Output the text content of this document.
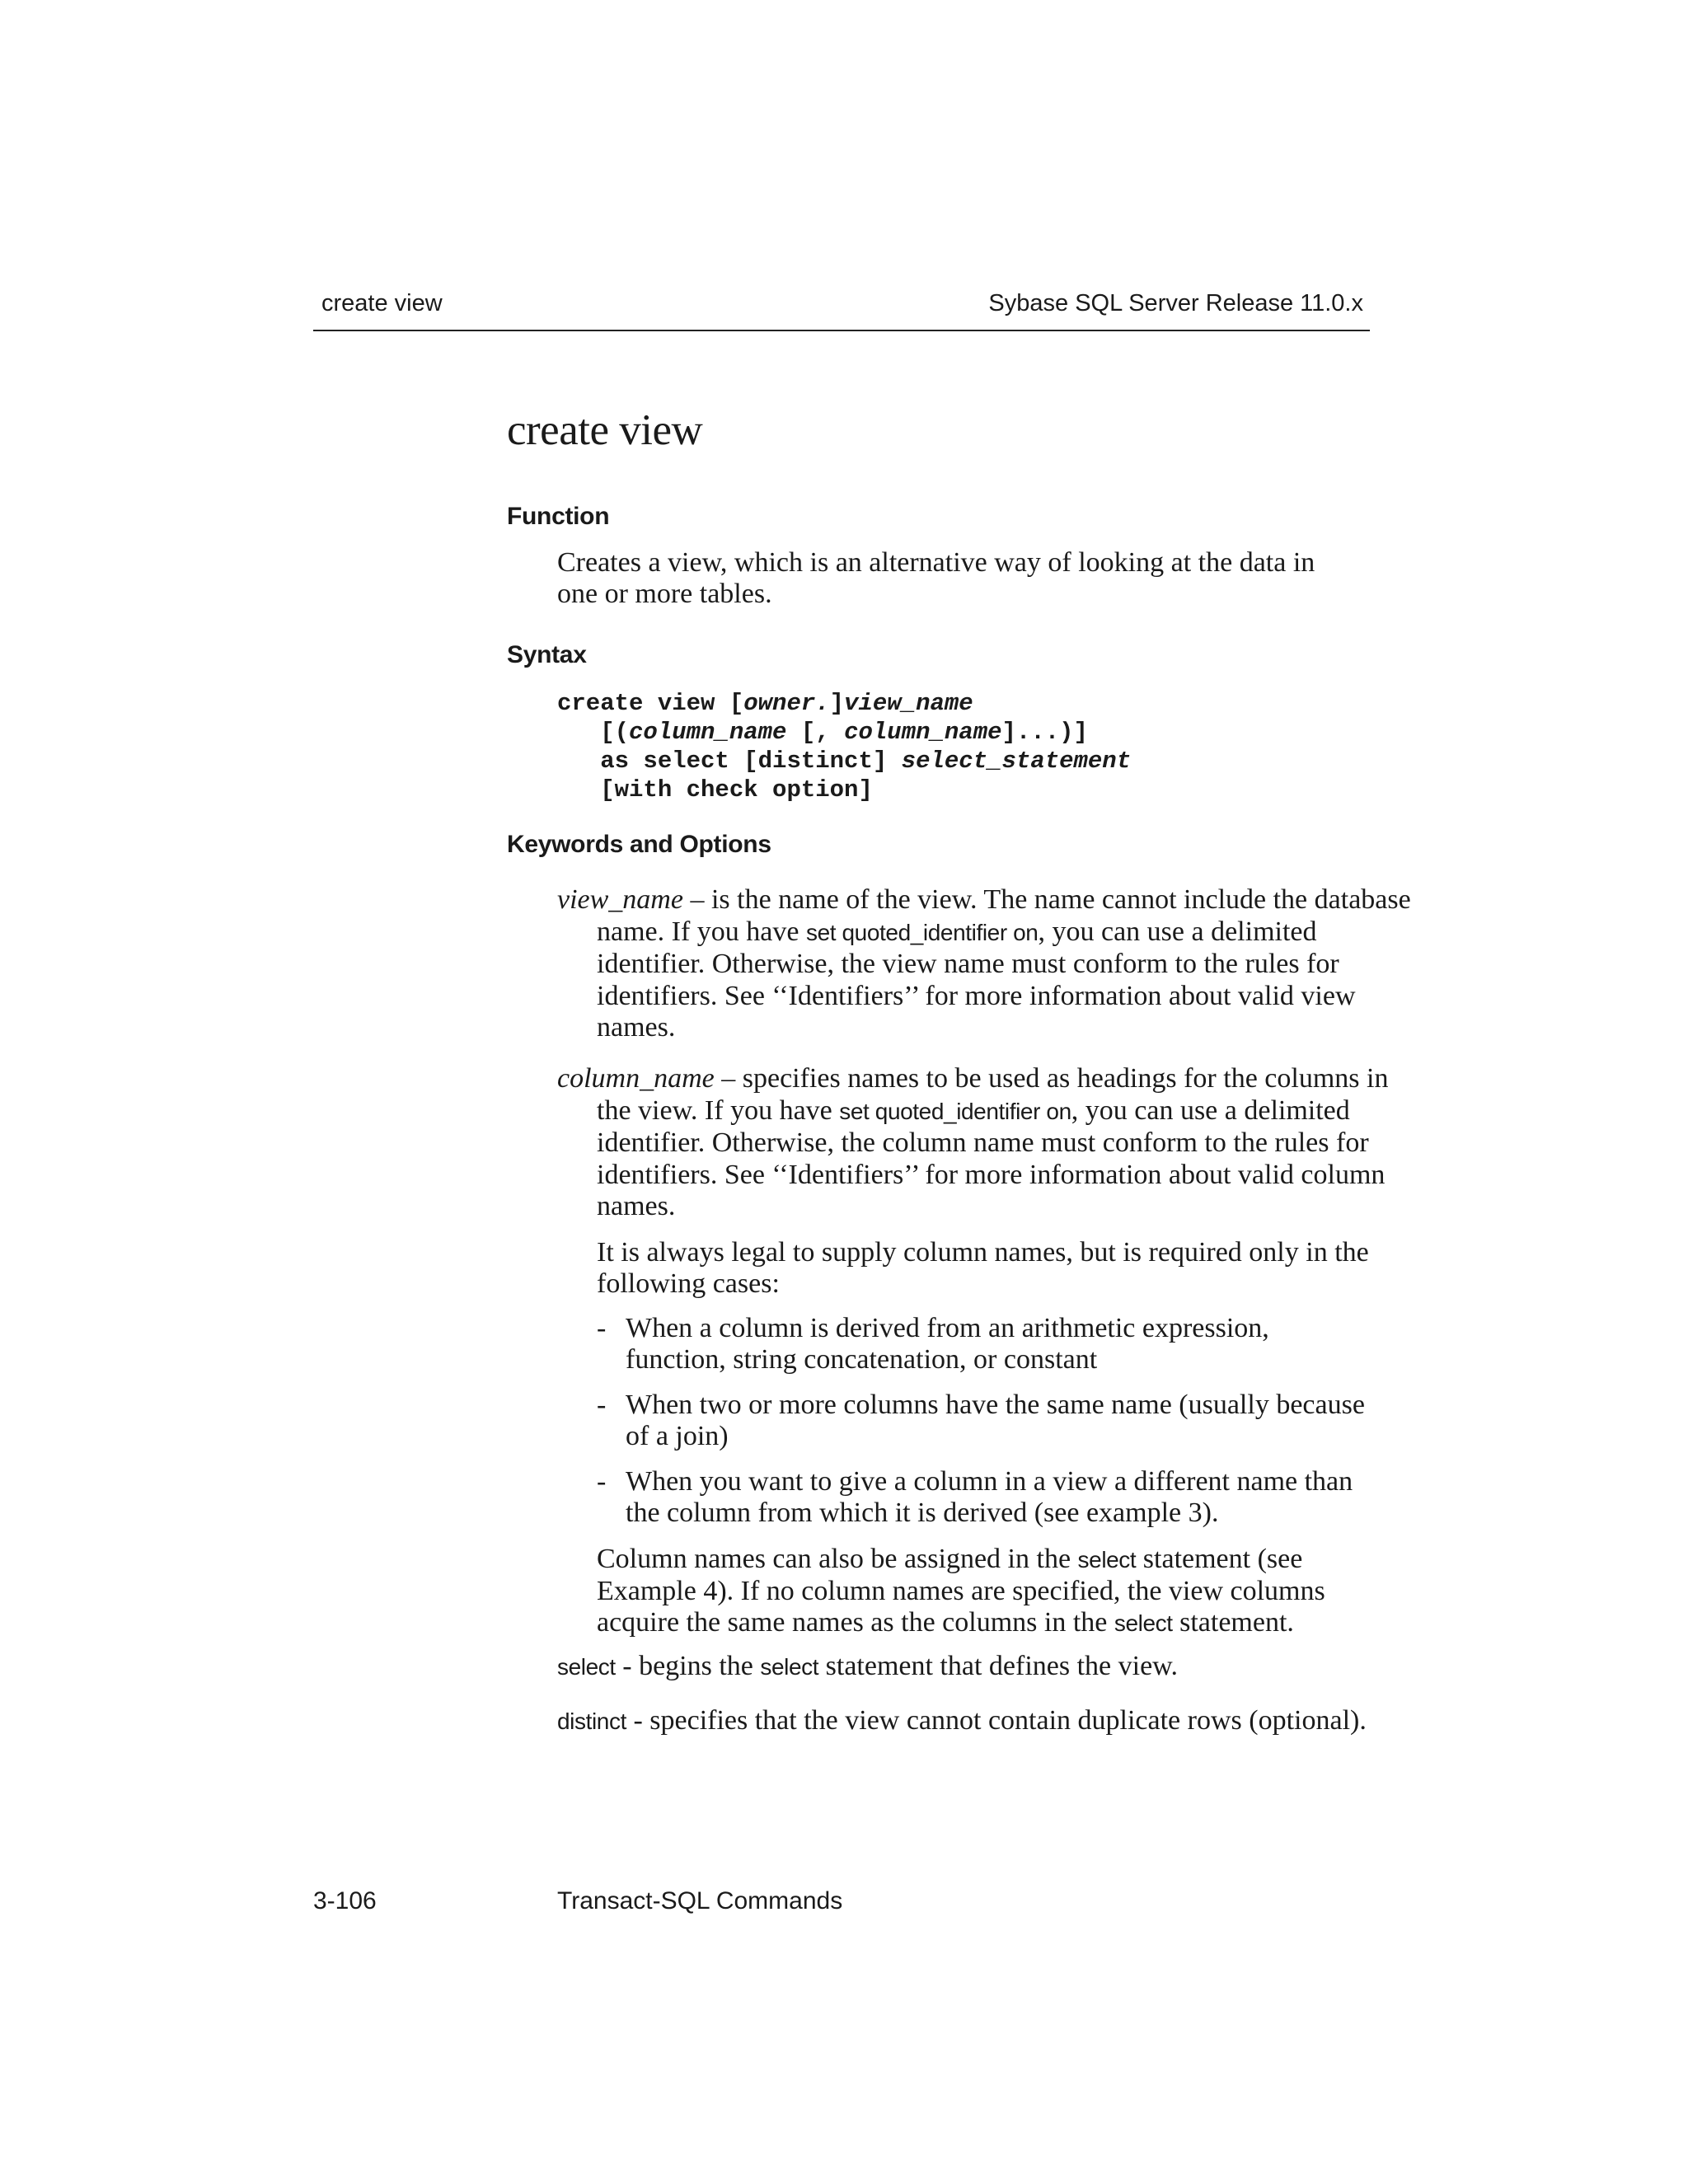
create view	Sybase SQL Server Release 11.0.x
create view
Function
Creates a view, which is an alternative way of looking at the data in one or more tables.
Syntax
create view [owner.]view_name
[(column_name [, column_name]...)]
as select [distinct] select_statement
[with check option]
Keywords and Options
view_name – is the name of the view. The name cannot include the database name. If you have set quoted_identifier on, you can use a delimited identifier. Otherwise, the view name must conform to the rules for identifiers. See ‘‘Identifiers’’ for more information about valid view names.
column_name – specifies names to be used as headings for the columns in the view. If you have set quoted_identifier on, you can use a delimited identifier. Otherwise, the column name must conform to the rules for identifiers. See ‘‘Identifiers’’ for more information about valid column names.
It is always legal to supply column names, but is required only in the following cases:
- When a column is derived from an arithmetic expression, function, string concatenation, or constant
- When two or more columns have the same name (usually because of a join)
- When you want to give a column in a view a different name than the column from which it is derived (see example 3).
Column names can also be assigned in the select statement (see Example 4). If no column names are specified, the view columns acquire the same names as the columns in the select statement.
select - begins the select statement that defines the view.
distinct - specifies that the view cannot contain duplicate rows (optional).
3-106	Transact-SQL Commands
